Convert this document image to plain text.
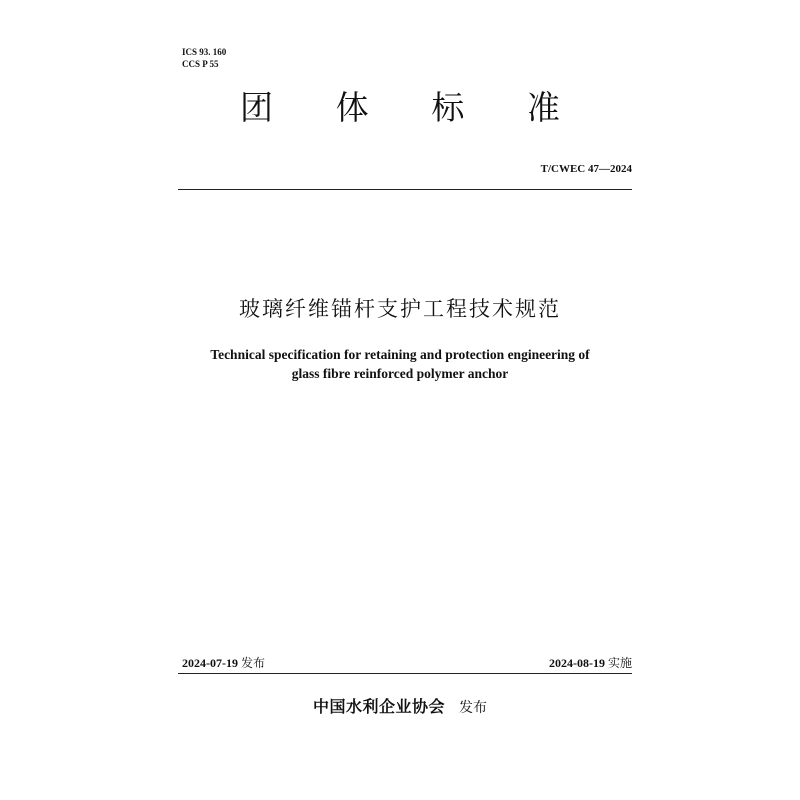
ICS 93. 160
CCS P 55
团 体 标 准
T/CWEC 47—2024
玻璃纤维锚杆支护工程技术规范
Technical specification for retaining and protection engineering of
glass fibre reinforced polymer anchor
2024-07-19 发布	2024-08-19 实施
中国水利企业协会 发布
